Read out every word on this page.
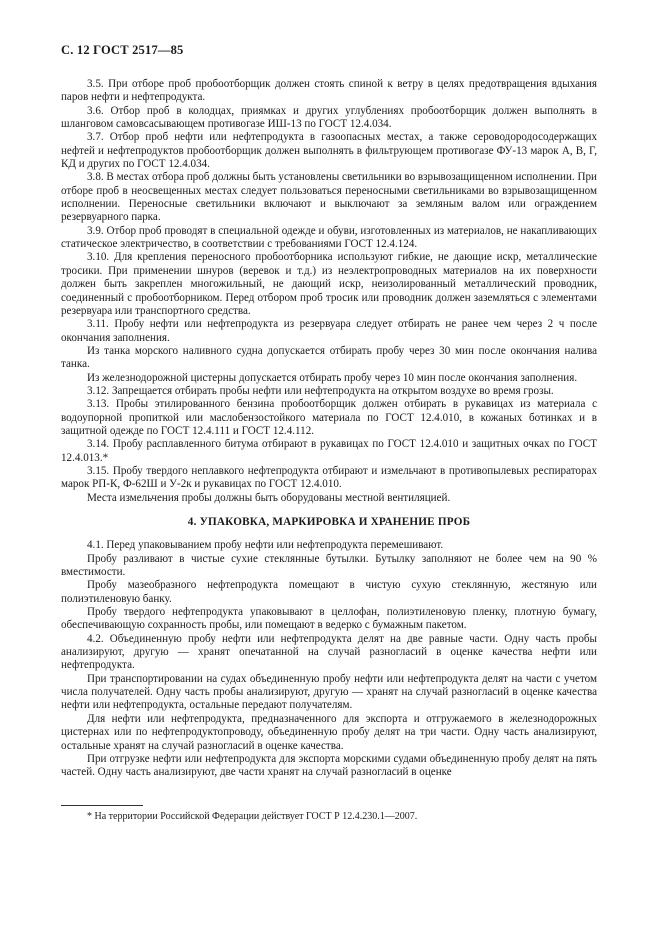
С. 12 ГОСТ 2517—85

3.5. При отборе проб пробоотборщик должен стоять спиной к ветру в целях предотвращения вдыхания паров нефти и нефтепродукта.

3.6. Отбор проб в колодцах, приямках и других углублениях пробоотборщик должен выполнять в шланговом самовсасывающем противогазе ИШ-13 по ГОСТ 12.4.034.

3.7. Отбор проб нефти или нефтепродукта в газоопасных местах, а также сероводородосодержащих нефтей и нефтепродуктов пробоотборщик должен выполнять в фильтрующем противогазе ФУ-13 марок А, В, Г, КД и других по ГОСТ 12.4.034.

3.8. В местах отбора проб должны быть установлены светильники во взрывозащищенном исполнении. При отборе проб в неосвещенных местах следует пользоваться переносными светильниками во взрывозащищенном исполнении. Переносные светильники включают и выключают за земляным валом или ограждением резервуарного парка.

3.9. Отбор проб проводят в специальной одежде и обуви, изготовленных из материалов, не накапливающих статическое электричество, в соответствии с требованиями ГОСТ 12.4.124.

3.10. Для крепления переносного пробоотборника используют гибкие, не дающие искр, металлические тросики. При применении шнуров (веревок и т.д.) из неэлектропроводных материалов на их поверхности должен быть закреплен многожильный, не дающий искр, неизолированный металлический проводник, соединенный с пробоотборником. Перед отбором проб тросик или проводник должен заземляться с элементами резервуара или транспортного средства.

3.11. Пробу нефти или нефтепродукта из резервуара следует отбирать не ранее чем через 2 ч после окончания заполнения.

Из танка морского наливного судна допускается отбирать пробу через 30 мин после окончания налива танка.

Из железнодорожной цистерны допускается отбирать пробу через 10 мин после окончания заполнения.

3.12. Запрещается отбирать пробы нефти или нефтепродукта на открытом воздухе во время грозы.

3.13. Пробы этилированного бензина пробоотборщик должен отбирать в рукавицах из материала с водоупорной пропиткой или маслобензостойкого материала по ГОСТ 12.4.010, в кожаных ботинках и в защитной одежде по ГОСТ 12.4.111 и ГОСТ 12.4.112.

3.14. Пробу расплавленного битума отбирают в рукавицах по ГОСТ 12.4.010 и защитных очках по ГОСТ 12.4.013.*

3.15. Пробу твердого неплавкого нефтепродукта отбирают и измельчают в противопылевых респираторах марок РП-К, Ф-62Ш и У-2к и рукавицах по ГОСТ 12.4.010.

Места измельчения пробы должны быть оборудованы местной вентиляцией.

4. УПАКОВКА, МАРКИРОВКА И ХРАНЕНИЕ ПРОБ

4.1. Перед упаковыванием пробу нефти или нефтепродукта перемешивают.

Пробу разливают в чистые сухие стеклянные бутылки. Бутылку заполняют не более чем на 90 % вместимости.

Пробу мазеобразного нефтепродукта помещают в чистую сухую стеклянную, жестяную или полиэтиленовую банку.

Пробу твердого нефтепродукта упаковывают в целлофан, полиэтиленовую пленку, плотную бумагу, обеспечивающую сохранность пробы, или помещают в ведерко с бумажным пакетом.

4.2. Объединенную пробу нефти или нефтепродукта делят на две равные части. Одну часть пробы анализируют, другую — хранят опечатанной на случай разногласий в оценке качества нефти или нефтепродукта.

При транспортировании на судах объединенную пробу нефти или нефтепродукта делят на части с учетом числа получателей. Одну часть пробы анализируют, другую — хранят на случай разногласий в оценке качества нефти или нефтепродукта, остальные передают получателям.

Для нефти или нефтепродукта, предназначенного для экспорта и отгружаемого в железнодорожных цистернах или по нефтепродуктопроводу, объединенную пробу делят на три части. Одну часть анализируют, остальные хранят на случай разногласий в оценке качества.

При отгрузке нефти или нефтепродукта для экспорта морскими судами объединенную пробу делят на пять частей. Одну часть анализируют, две части хранят на случай разногласий в оценке

* На территории Российской Федерации действует ГОСТ Р 12.4.230.1—2007.
